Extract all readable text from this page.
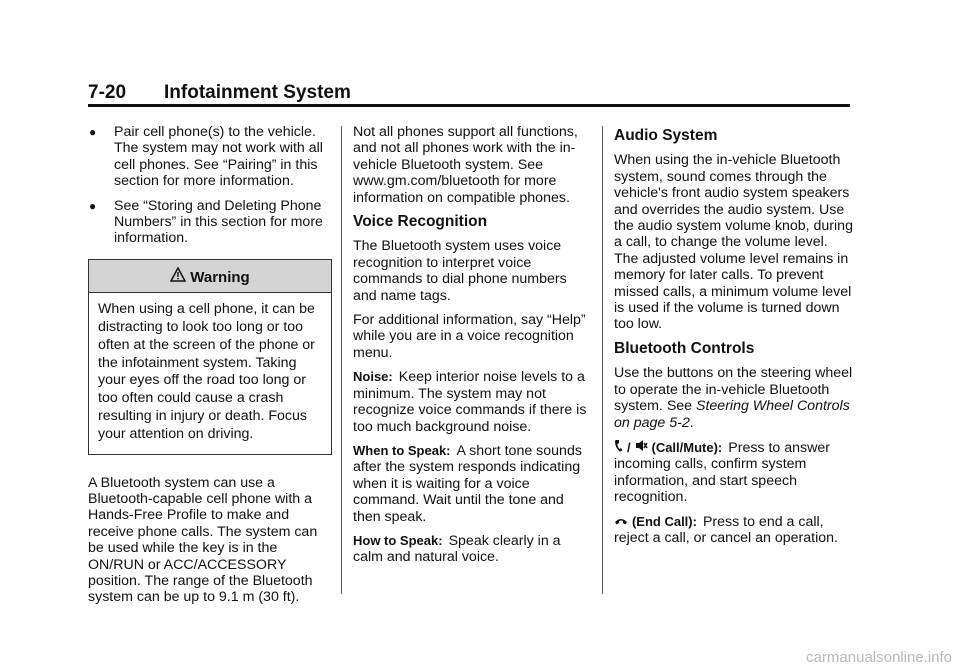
7-20 Infotainment System
● Pair cell phone(s) to the vehicle. The system may not work with all cell phones. See “Pairing” in this section for more information.
● See “Storing and Deleting Phone Numbers” in this section for more information.
Warning
When using a cell phone, it can be distracting to look too long or too often at the screen of the phone or the infotainment system. Taking your eyes off the road too long or too often could cause a crash resulting in injury or death. Focus your attention on driving.

A Bluetooth system can use a Bluetooth-capable cell phone with a Hands-Free Profile to make and receive phone calls. The system can be used while the key is in the ON/RUN or ACC/ACCESSORY position. The range of the Bluetooth system can be up to 9.1 m (30 ft).

Not all phones support all functions, and not all phones work with the in-vehicle Bluetooth system. See www.gm.com/bluetooth for more information on compatible phones.

Voice Recognition

The Bluetooth system uses voice recognition to interpret voice commands to dial phone numbers and name tags.

For additional information, say “Help” while you are in a voice recognition menu.

Noise: Keep interior noise levels to a minimum. The system may not recognize voice commands if there is too much background noise.

When to Speak: A short tone sounds after the system responds indicating when it is waiting for a voice command. Wait until the tone and then speak.

How to Speak: Speak clearly in a calm and natural voice.

Audio System

When using the in-vehicle Bluetooth system, sound comes through the vehicle's front audio system speakers and overrides the audio system. Use the audio system volume knob, during a call, to change the volume level. The adjusted volume level remains in memory for later calls. To prevent missed calls, a minimum volume level is used if the volume is turned down too low.

Bluetooth Controls

Use the buttons on the steering wheel to operate the in-vehicle Bluetooth system. See Steering Wheel Controls on page 5-2.

/ (Call/Mute): Press to answer incoming calls, confirm system information, and start speech recognition.

(End Call): Press to end a call, reject a call, or cancel an operation.

carmanualsonline.info
